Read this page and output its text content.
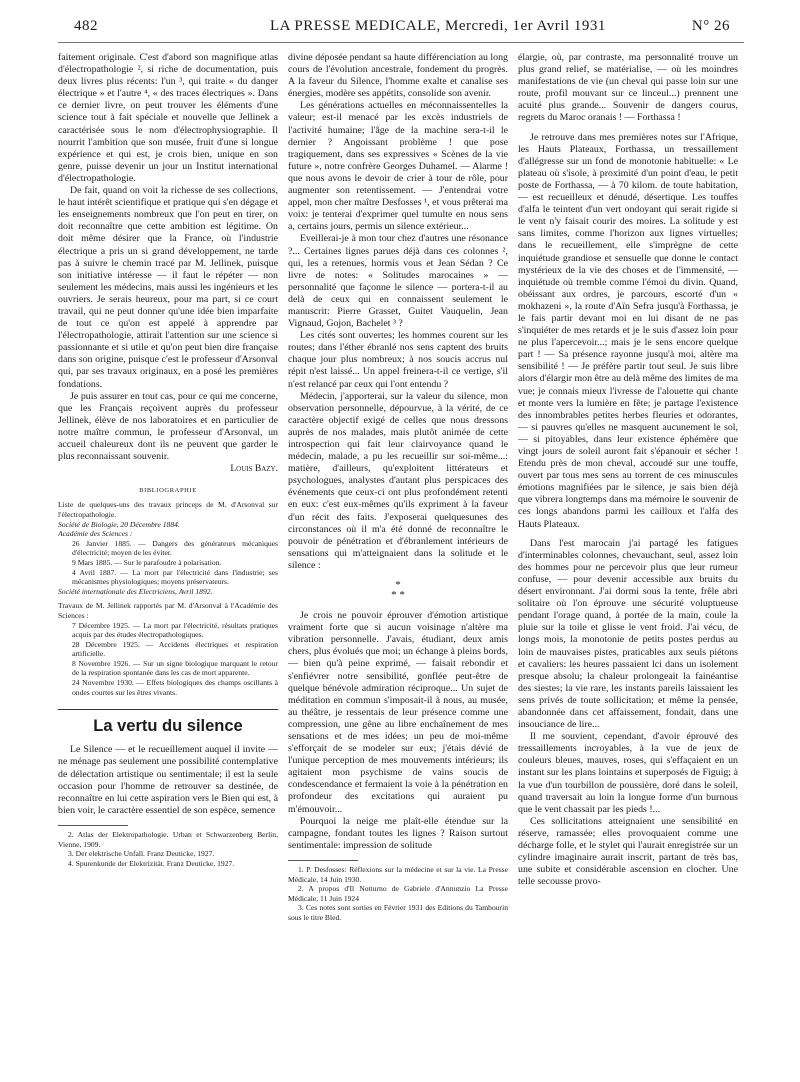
482	LA PRESSE MEDICALE, Mercredi, 1er Avril 1931	N° 26

faitement originale. C'est d'abord son magnifique atlas d'électropathologie ², si riche de documentation, puis deux livres plus récents: l'un ³, qui traite « du danger électrique » et l'autre ⁴, « des traces électriques ». Dans ce dernier livre, on peut trouver les éléments d'une science tout à fait spéciale et nouvelle que Jellinek a caractérisée sous le nom d'électrophysiographie. Il nourrit l'ambition que son musée, fruit d'une si longue expérience et qui est, je crois bien, unique en son genre, puisse devenir un jour un Institut international d'électropathologie.

De fait, quand on voit la richesse de ses collections, le haut intérêt scientifique et pratique qui s'en dégage et les enseignements nombreux que l'on peut en tirer, on doit reconnaître que cette ambition est légitime. On doit même désirer que la France, où l'industrie électrique a pris un si grand développement, ne tarde pas à suivre le chemin tracé par M. Jellinek, puisque son initiative intéresse — il faut le répéter — non seulement les médecins, mais aussi les ingénieurs et les ouvriers. Je serais heureux, pour ma part, si ce court travail, qui ne peut donner qu'une idée bien imparfaite de tout ce qu'on est appelé à apprendre par l'électropathologie, attirait l'attention sur une science si passionnante et si utile et qu'on peut bien dire française dans son origine, puisque c'est le professeur d'Arsonval qui, par ses travaux originaux, en a posé les premières fondations.

Je puis assurer en tout cas, pour ce qui me concerne, que les Français reçoivent auprès du professeur Jellinek, élève de nos laboratoires et en particulier de notre maître commun, le professeur d'Arsonval, un accueil chaleureux dont ils ne peuvent que garder le plus reconnaissant souvenir.

Louis Bazy.

BIBLIOGRAPHIE
Liste de quelques-uns des travaux princeps de M. d'Arsonval sur l'électropathologie.
Société de Biologie, 20 Décembre 1884.
Académie des Sciences :
26 Janvier 1885. — Dangers des générateurs mécaniques d'électricité; moyen de les éviter.
9 Mars 1885. — Sur le parafoudre à polarisation.
4 Avril 1887. — La mort par l'électricité dans l'industrie; ses mécanismes physiologiques; moyens préservateurs.
Société internationale des Electriciens, Avril 1892.
Travaux de M. Jellinek rapportés par M. d'Arsonval à l'Académie des Sciences :
7 Décembre 1925. — La mort par l'électricité, résultats pratiques acquis par des études électropathologiques.
28 Décembre 1925. — Accidents électriques et respiration artificielle.
8 Novembre 1926. — Sur un signe biologique marquant le retour de la respiration spontanée dans les cas de mort apparente.
24 Novembre 1930. — Effets biologiques des champs oscillants à ondes courtes sur les êtres vivants.
La vertu du silence

Le Silence — et le recueillement auquel il invite — ne ménage pas seulement une possibilité contemplative de délectation artistique ou sentimentale; il est la seule occasion pour l'homme de retrouver sa destinée, de reconnaître en lui cette aspiration vers le Bien qui est, à bien voir, le caractère essentiel de son espèce, semence

2. Atlas der Elektropathologie. Urban et Schwarzenberg Berlin, Vienne, 1909.
3. Der elektrische Unfall. Franz Deuticke, 1927.
4. Spurenkunde der Elektrizität. Franz Deuticke, 1927.

divine déposée pendant sa haute différenciation au long cours de l'évolution ancestrale, fondement du progrès. A la faveur du Silence, l'homme exalte et canalise ses énergies, modère ses appétits, consolide son avenir.

Les générations actuelles en méconnaissentelles la valeur; est-il menacé par les excès industriels de l'activité humaine; l'âge de la machine sera-t-il le dernier ? Angoissant problème ! que pose tragiquement, dans ses expressives « Scènes de la vie future », notre confrère Georges Duhamel. — Alarme ! que nous avons le devoir de crier à tour de rôle, pour augmenter son retentissement. — J'entendrai votre appel, mon cher maître Desfosses ¹, et vous prêterai ma voix: je tenterai d'exprimer quel tumulte en nous sens a, certains jours, permis un silence extérieur...

Eveillerai-je à mon tour chez d'autres une résonance ?... Certaines lignes parues déjà dans ces colonnes ², qui, les a retenues, hormis vous et Jean Sédan ? Ce livre de notes: « Solitudes marocaines » — personnalité que façonne le silence — portera-t-il au delà de ceux qui en connaissent seulement le manuscrit: Pierre Grasset, Guitet Vauquelin, Jean Vignaud, Gojon, Bachelet ³ ?

Les cités sont ouvertes; les hommes courent sur les routes; dans l'éther ébranlé nos sens captent des bruits chaque jour plus nombreux; à nos soucis accrus nul répit n'est laissé... Un appel freinera-t-il ce vertige, s'il n'est relancé par ceux qui l'ont entendu ?

Médecin, j'apporterai, sur la valeur du silence, mon observation personnelle, dépourvue, à la vérité, de ce caractère objectif exigé de celles que nous dressons auprès de nos malades, mais plutôt animée de cette introspection qui fait leur clairvoyance quand le médecin, malade, a pu les recueillir sur soi-même...: matière, d'ailleurs, qu'exploitent littérateurs et psychologues, analystes d'autant plus perspicaces des événements que ceux-ci ont plus profondément retenti en eux: c'est eux-mêmes qu'ils expriment à la faveur d'un récit des faits. J'exposerai quelquesunes des circonstances où il m'a été donné de reconnaître le pouvoir de pénétration et d'ébranlement intérieurs de sensations qui m'atteignaient dans la solitude et le silence :

*
* *

Je crois ne pouvoir éprouver d'émotion artistique vraiment forte que si aucun voisinage n'altère ma vibration personnelle. J'avais, étudiant, deux amis chers, plus évolués que moi; un échange à pleins bords, — bien qu'à peine exprimé, — faisait rebondir et s'enfiévrer notre sensibilité, gonflée peut-être de quelque bénévole admiration réciproque... Un sujet de méditation en commun s'imposait-il à nous, au musée, au théâtre, je ressentais de leur présence comme une compression, une gêne au libre enchaînement de mes sensations et de mes idées; un peu de moi-même s'efforçait de se modeler sur eux; j'étais dévié de l'unique perception de mes mouvements intérieurs; ils agitaient mon psychisme de vains soucis de condescendance et fermaient la voie à la pénétration en profondeur des excitations qui auraient pu m'émouvoir...

Pourquoi la neige me plaît-elle étendue sur la campagne, fondant toutes les lignes ? Raison surtout sentimentale: impression de solitude

1. P. Desfosses: Réflexions sur la médecine et sur la vie. La Presse Médicale, 14 Juin 1930.
2. A propos d'Il Notturno de Gabriele d'Annunzio La Presse Médicale, 11 Juin 1924
3. Ces notes sont sorties en Février 1931 des Editions du Tambourin sous le titre Bled.

élargie, où, par contraste, ma personnalité trouve un plus grand relief, se matérialise, — où les moindres manifestations de vie (un cheval qui passe loin sur une route, profil mouvant sur ce linceul...) prennent une acuité plus grande... Souvenir de dangers courus, regrets du Maroc oranais ! — Forthassa !

Je retrouve dans mes premières notes sur l'Afrique, les Hauts Plateaux, Forthassa, un tressaillement d'allégresse sur un fond de monotonie habituelle: « Le plateau où s'isole, à proximité d'un point d'eau, le petit poste de Forthassa, — à 70 kilom. de toute habitation, — est recueilleux et dénudé, désertique. Les touffes d'alfa le teintent d'un vert ondoyant qui serait rigide si le vent n'y faisait courir des moires. La solitude y est sans limites, comme l'horizon aux lignes virtuelles; dans le recueillement, elle s'imprègne de cette inquiétude grandiose et sensuelle que donne le contact mystérieux de la vie des choses et de l'immensité, — inquiétude où tremble comme l'émoi du divin. Quand, obéissant aux ordres, je parcours, escorté d'un « mokhazeni », la route d'Aïn Sefra jusqu'à Forthassa, je le fais partir devant moi en lui disant de ne pas s'inquiéter de mes retards et je le suis d'assez loin pour ne plus l'apercevoir...; mais je le sens encore quelque part ! — Sa présence rayonne jusqu'à moi, altère ma sensibilité ! — Je préfère partir tout seul. Je suis libre alors d'élargir mon être au delà même des limites de ma vue; je connais mieux l'ivresse de l'alouette qui chante et monte vers la lumière en fête; je partage l'existence des innombrables petites herbes fleuries et odorantes, — si pauvres qu'elles ne masquent aucunement le sol, — si pitoyables, dans leur existence éphémère que vingt jours de soleil auront fait s'épanouir et sécher ! Etendu près de mon cheval, accoudé sur une touffe, ouvert par tous mes sens au torrent de ces minuscules émotions magnifiées par le silence, je sais bien déjà que vibrera longtemps dans ma mémoire le souvenir de ces longs abandons parmi les cailloux et l'alfa des Hauts Plateaux.

Dans l'est marocain j'ai partagé les fatigues d'interminables colonnes, chevauchant, seul, assez loin des hommes pour ne percevoir plus que leur rumeur confuse, — pour devenir accessible aux bruits du désert environnant. J'ai dormi sous la tente, frêle abri solitaire où l'on éprouve une sécurité voluptueuse pendant l'orage quand, à portée de la main, coule la pluie sur la toile et glisse le vent froid. J'ai vécu, de longs mois, la monotonie de petits postes perdus au loin de mauvaises pistes, praticables aux seuls piétons et cavaliers: les heures passaient lci dans un isolement presque absolu; la chaleur prolongeait la fainéantise des siestes; la vie rare, les instants pareils laissaient les sens privés de toute sollicitation; et même la pensée, abandonnée dans cet affaissement, fondait, dans une insouciance de lire...

Il me souvient, cependant, d'avoir éprouvé des tressaillements incroyables, à la vue de jeux de couleurs bleues, mauves, roses, qui s'effaçaient en un instant sur les plans lointains et superposés de Figuig; à la vue d'un tourbillon de poussière, doré dans le soleil, quand traversait au loin la longue forme d'un burnous que le vent chassait par les pieds !...

Ces sollicitations atteignaient une sensibilité en réserve, ramassée; elles provoquaient comme une décharge folle, et le stylet qui l'aurait enregistrée sur un cylindre imaginaire aurait inscrit, partant de très bas, une subite et considérable ascension en clocher. Une telle secousse provo-
